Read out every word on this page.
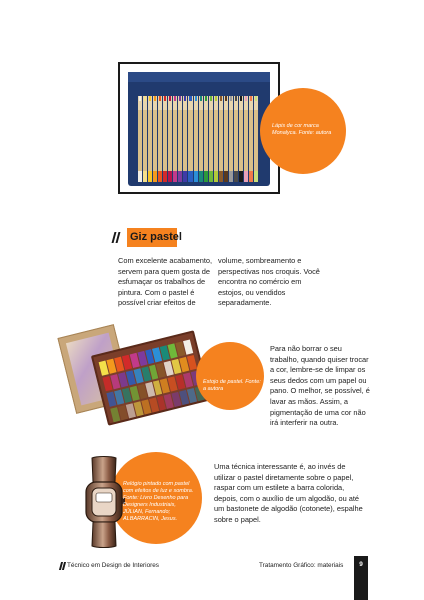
Lápis de cor marca Monalyca. Fonte: autora
Giz pastel
Com excelente acabamento, servem para quem gosta de esfumaçar os trabalhos de pintura. Com o pastel é possível criar efeitos de
volume, sombreamento e perspectivas nos croquis. Você encontra no comércio em estojos, ou vendidos separadamente.
Estojo de pastel. Fonte: a autora
Para não borrar o seu trabalho, quando quiser trocar a cor, lembre-se de limpar os seus dedos com um papel ou pano. O melhor, se possível, é lavar as mãos. Assim, a pigmentação de uma cor não irá interferir na outra.
Relógio pintado com pastel com efeitos de luz e sombra. Fonte: Livro Desenho para Designers Industriais, JÚLIAN, Fernando; ALBARRACIN, Jesus.
Uma técnica interessante é, ao invés de utilizar o pastel diretamente sobre o papel, raspar com um estilete a barra colorida, depois, com o auxílio de um algodão, ou até um bastonete de algodão (cotonete), espalhe sobre o papel.
Técnico em Design de Interiores	Tratamento Gráfico: materiais	9
